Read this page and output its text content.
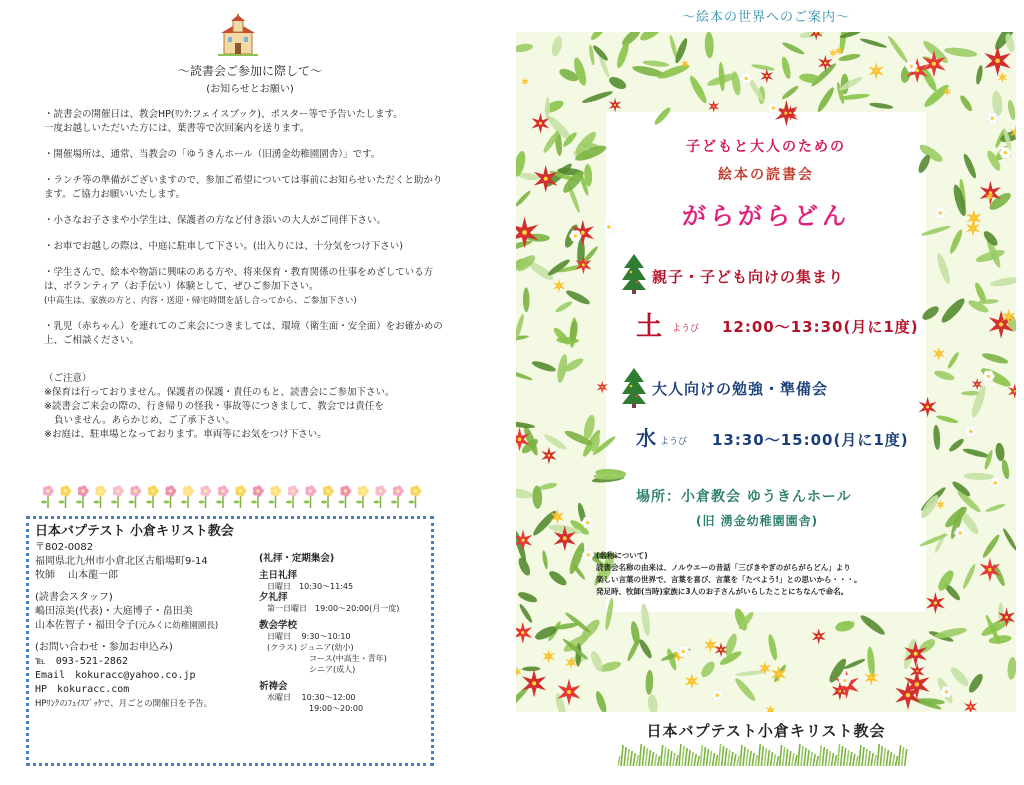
〜読書会ご参加に際して〜
(お知らせとお願い)

・読書会の開催日は、教会HP(ﾘﾝｸ:フェイスブック)、ポスター等で予告いたします。
一度お越しいただいた方には、葉書等で次回案内を送ります。

・開催場所は、通常、当教会の「ゆうきんホール（旧湧金幼稚園園舎）」です。

・ランチ等の準備がございますので、参加ご希望については事前にお知らせいただくと助かります。ご協力お願いいたします。

・小さなお子さまや小学生は、保護者の方など付き添いの大人がご同伴下さい。

・お車でお越しの際は、中庭に駐車して下さい。(出入りには、十分気をつけ下さい)

・学生さんで、絵本や物語に興味のある方や、将来保育・教育関係の仕事をめざしている方は、ボランティア（お手伝い）体験として、ぜひご参加下さい。
(中高生は、家族の方と、内容・送迎・帰宅時間を話し合ってから、ご参加下さい)

・乳児（赤ちゃん）を連れてのご来会につきましては、環境（衛生面・安全面）をお確かめの上、ご相談ください。

（ご注意）
※保育は行っておりません。保護者の保護・責任のもと、読書会にご参加下さい。
※読書会ご来会の際の、行き帰りの怪我・事故等につきまして、教会では責任を
負いません。あらかじめ、ご了承下さい。
※お庭は、駐車場となっております。車両等にお気をつけ下さい。
日本バプテスト 小倉キリスト教会
〒802-0082
福岡県北九州市小倉北区古船場町9-14
牧師　 山本龍一郎
(読書会スタッフ)
嶋田涼美(代表)・大庭博子・畠田美
山本佐智子・福田令子(元みくに幼稚園園長)
(お問い合わせ・参加お申込み)
℡　093-521-2862
Email　kokuracc@yahoo.co.jp
HP　kokuracc.com
HPﾘﾝｸのﾌｪｲｽﾌﾞｯｸで、月ごとの開催日を予告。
(礼拝・定期集会)
主日礼拝
日曜日　10:30〜11:45
夕礼拝
第一日曜日　19:00〜20:00(月一度)
教会学校
日曜日　 9:30〜10:10
(クラス) ジュニア(幼小)
コース(中高生・青年)
シニア(成人)
祈祷会
水曜日　 10:30〜12:00
19:00〜20:00
〜絵本の世界へのご案内〜
子どもと大人のための
絵本の読書会
がらがらどん
親子・子ども向けの集まり
土 ようび 12:00〜13:30(月に1度)
大人向けの勉強・準備会
水 ようび 13:30〜15:00(月に1度)
場所：小倉教会 ゆうきんホール
(旧 湧金幼稚園園舎)
(名称について)
読書会名称の由来は、ノルウエーの昔話「三びきやぎのがらがらどん」より
楽しい言葉の世界で、言葉を喜び、言葉を「たべよう!」との思いから・・・。
発足時、牧師(当時)家族に3人のお子さんがいらしたことにちなんで命名。
日本バプテスト小倉キリスト教会
